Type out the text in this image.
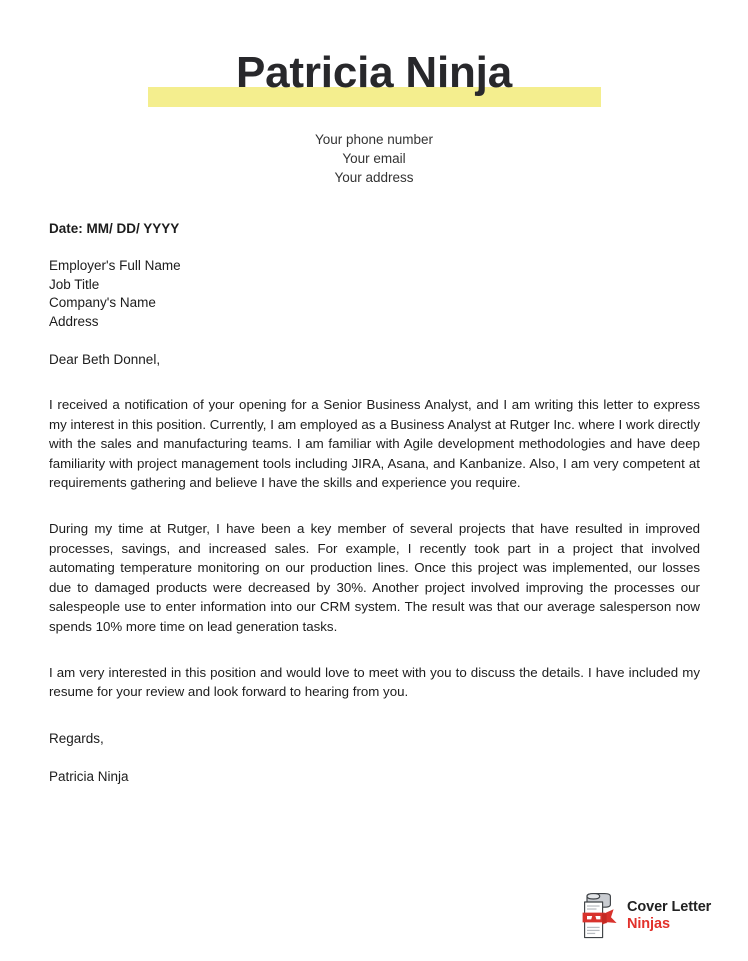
Patricia Ninja
Your phone number
Your email
Your address
Date: MM/ DD/ YYYY
Employer's Full Name
Job Title
Company's Name
Address
Dear Beth Donnel,

I received a notification of your opening for a Senior Business Analyst, and I am writing this letter to express my interest in this position. Currently, I am employed as a Business Analyst at Rutger Inc. where I work directly with the sales and manufacturing teams. I am familiar with Agile development methodologies and have deep familiarity with project management tools including JIRA, Asana, and Kanbanize. Also, I am very competent at requirements gathering and believe I have the skills and experience you require.

During my time at Rutger, I have been a key member of several projects that have resulted in improved processes, savings, and increased sales. For example, I recently took part in a project that involved automating temperature monitoring on our production lines. Once this project was implemented, our losses due to damaged products were decreased by 30%. Another project involved improving the processes our salespeople use to enter information into our CRM system. The result was that our average salesperson now spends 10% more time on lead generation tasks.

I am very interested in this position and would love to meet with you to discuss the details. I have included my resume for your review and look forward to hearing from you.

Regards,
Patricia Ninja
Cover Letter
Ninjas
